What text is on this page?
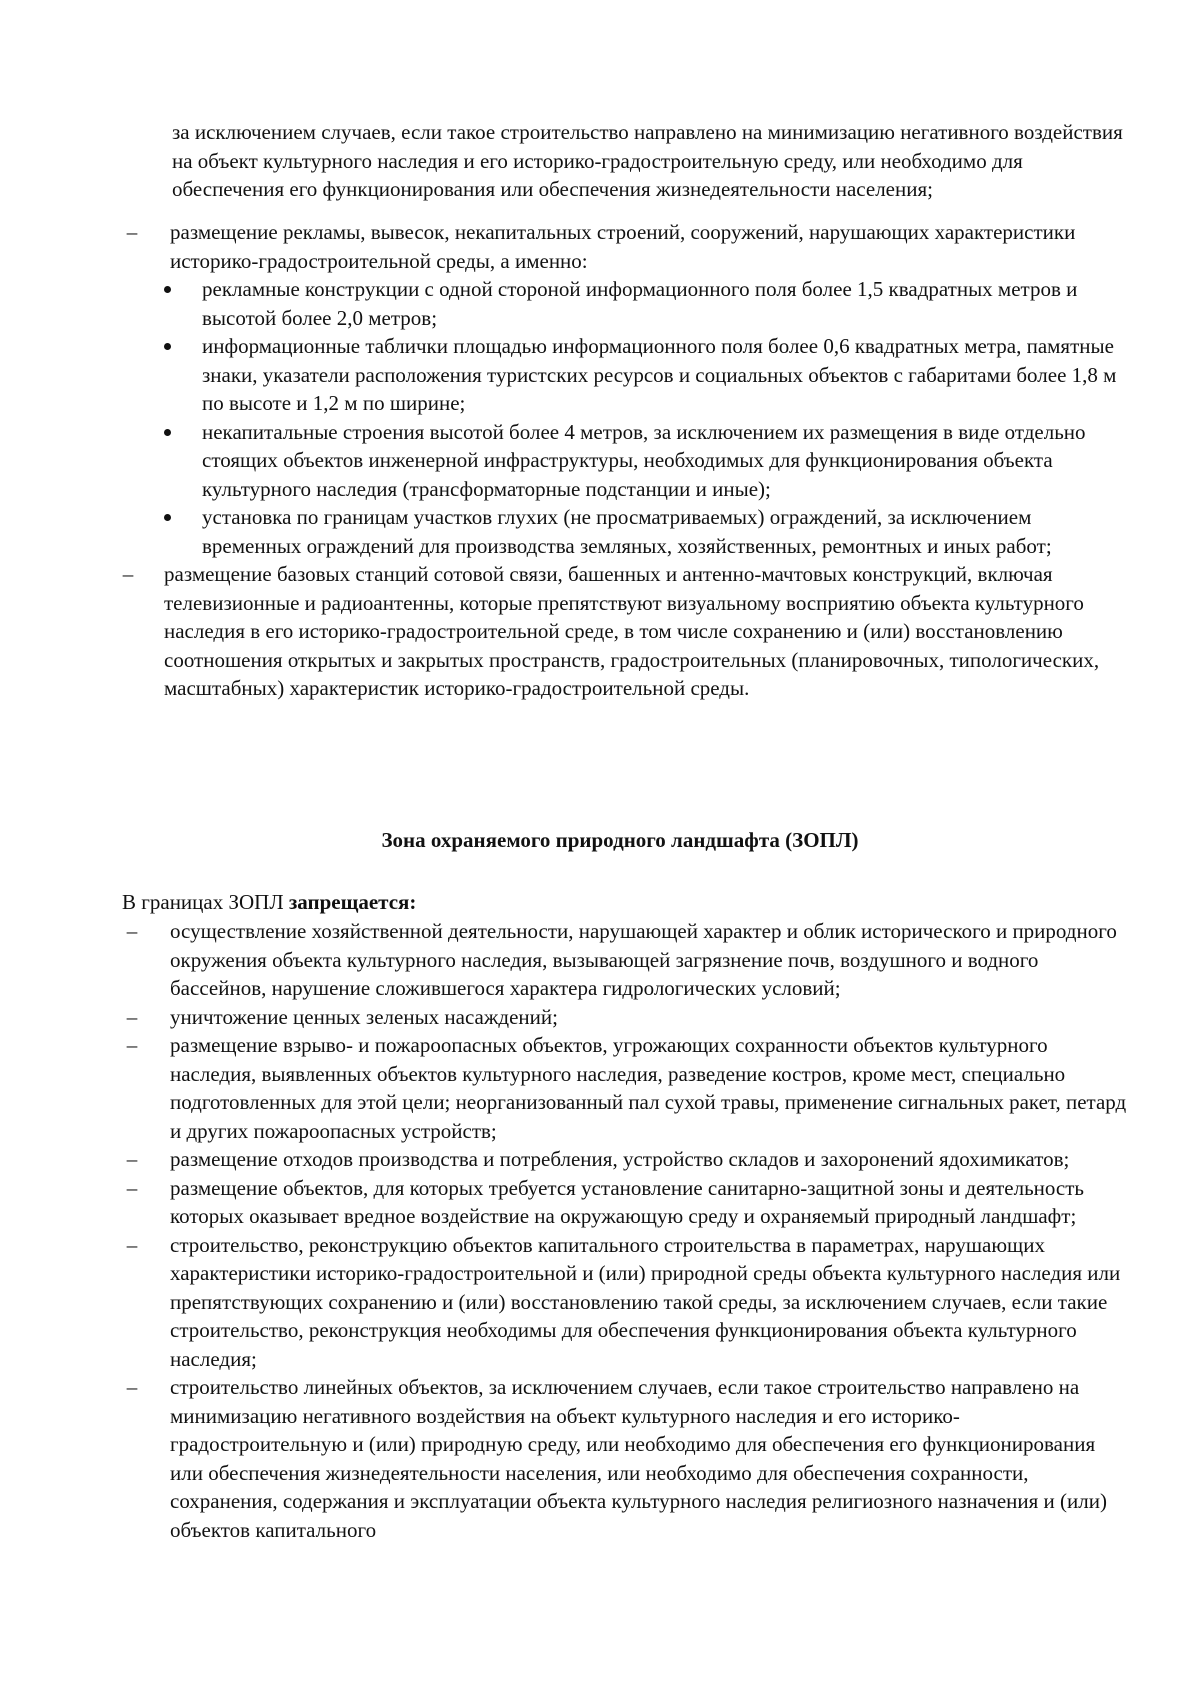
за исключением случаев, если такое строительство направлено на минимизацию негативного воздействия на объект культурного наследия и его историко-градостроительную среду, или необходимо для обеспечения его функционирования или обеспечения жизнедеятельности населения;

– размещение рекламы, вывесок, некапитальных строений, сооружений, нарушающих характеристики историко-градостроительной среды, а именно:
рекламные конструкции с одной стороной информационного поля более 1,5 квадратных метров и высотой более 2,0 метров;
информационные таблички площадью информационного поля более 0,6 квадратных метра, памятные знаки, указатели расположения туристских ресурсов и социальных объектов с габаритами более 1,8 м по высоте и 1,2 м по ширине;
некапитальные строения высотой более 4 метров, за исключением их размещения в виде отдельно стоящих объектов инженерной инфраструктуры, необходимых для функционирования объекта культурного наследия (трансформаторные подстанции и иные);
установка по границам участков глухих (не просматриваемых) ограждений, за исключением временных ограждений для производства земляных, хозяйственных, ремонтных и иных работ;
– размещение базовых станций сотовой связи, башенных и антенно-мачтовых конструкций, включая телевизионные и радиоантенны, которые препятствуют визуальному восприятию объекта культурного наследия в его историко-градостроительной среде, в том числе сохранению и (или) восстановлению соотношения открытых и закрытых пространств, градостроительных (планировочных, типологических, масштабных) характеристик историко-градостроительной среды.

Зона охраняемого природного ландшафта (ЗОПЛ)

В границах ЗОПЛ запрещается:

– осуществление хозяйственной деятельности, нарушающей характер и облик исторического и природного окружения объекта культурного наследия, вызывающей загрязнение почв, воздушного и водного бассейнов, нарушение сложившегося характера гидрологических условий;
– уничтожение ценных зеленых насаждений;
– размещение взрыво- и пожароопасных объектов, угрожающих сохранности объектов культурного наследия, выявленных объектов культурного наследия, разведение костров, кроме мест, специально подготовленных для этой цели; неорганизованный пал сухой травы, применение сигнальных ракет, петард и других пожароопасных устройств;
– размещение отходов производства и потребления, устройство складов и захоронений ядохимикатов;
– размещение объектов, для которых требуется установление санитарно-защитной зоны и деятельность которых оказывает вредное воздействие на окружающую среду и охраняемый природный ландшафт;
– строительство, реконструкцию объектов капитального строительства в параметрах, нарушающих характеристики историко-градостроительной и (или) природной среды объекта культурного наследия или препятствующих сохранению и (или) восстановлению такой среды, за исключением случаев, если такие строительство, реконструкция необходимы для обеспечения функционирования объекта культурного наследия;
– строительство линейных объектов, за исключением случаев, если такое строительство направлено на минимизацию негативного воздействия на объект культурного наследия и его историко-градостроительную и (или) природную среду, или необходимо для обеспечения его функционирования или обеспечения жизнедеятельности населения, или необходимо для обеспечения сохранности, сохранения, содержания и эксплуатации объекта культурного наследия религиозного назначения и (или) объектов капитального
